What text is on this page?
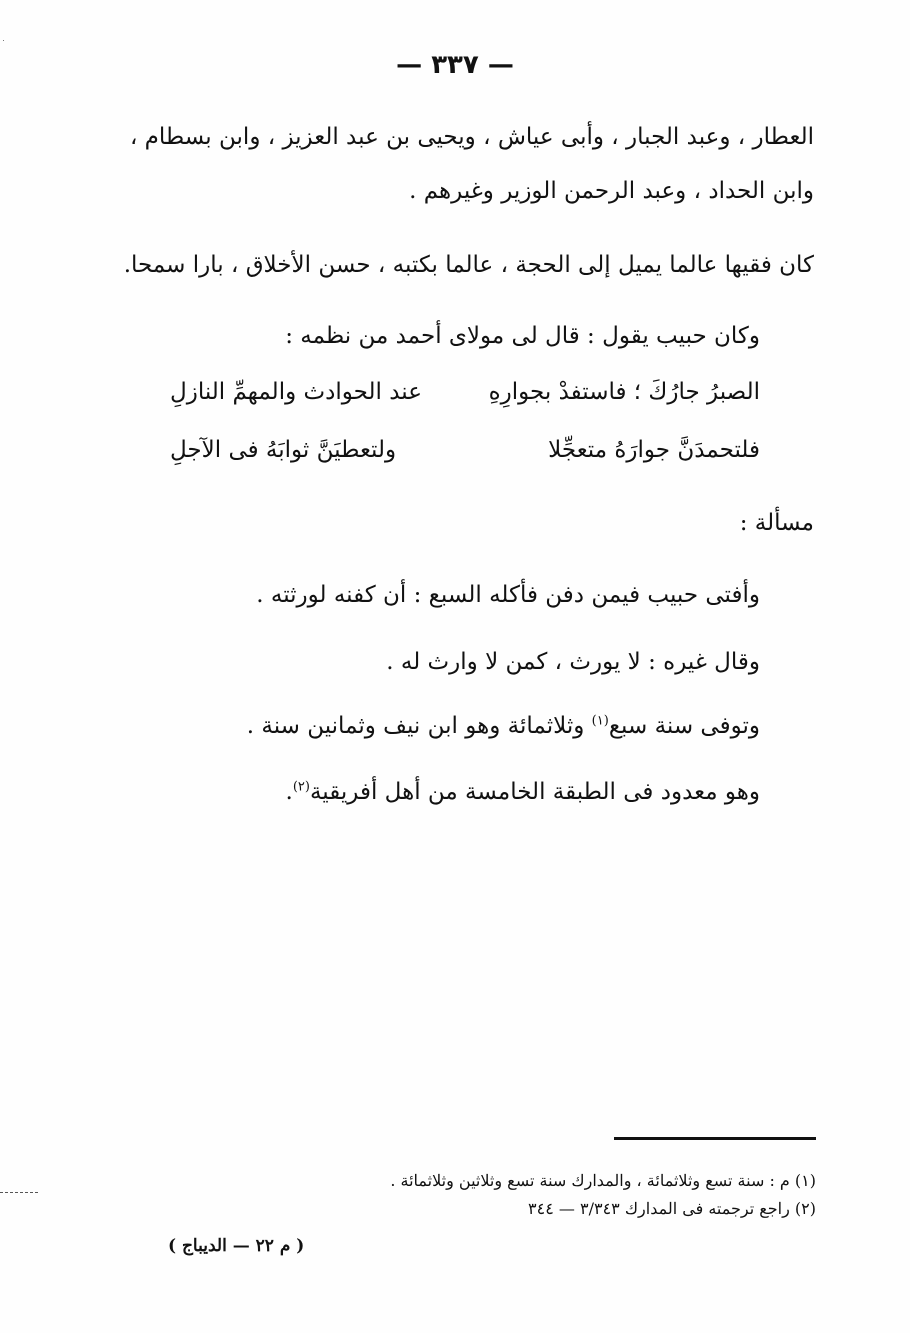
— ٣٣٧ —
العطار ، وعبد الجبار ، وأبى عياش ، ويحيى بن عبد العزيز ، وابن بسطام ،
وابن الحداد ، وعبد الرحمن الوزير وغيرهم .
كان فقيها عالما يميل إلى الحجة ، عالما بكتبه ، حسن الأخلاق ، بارا سمحا.
وكان حبيب يقول : قال لى مولاى أحمد من نظمه :
الصبرُ جارُكَ ؛ فاستفدْ بجوارِهِ
عند الحوادث والمهمِّ النازلِ
فلتحمدَنَّ جوارَهُ متعجِّلا
ولتعطيَنَّ ثوابَهُ فى الآجلِ
مسألة :
وأفتى حبيب فيمن دفن فأكله السبع : أن كفنه لورثته .
وقال غيره : لا يورث ، كمن لا وارث له .
وتوفى سنة سبع$^{(١)}$ وثلاثمائة وهو ابن نيف وثمانين سنة .
وهو معدود فى الطبقة الخامسة من أهل أفريقية$^{(٢)}$.
(١) م : سنة تسع وثلاثمائة ، والمدارك سنة تسع وثلاثين وثلاثمائة .
(٢) راجع ترجمته فى المدارك ٣/٣٤٣ — ٣٤٤
( م ٢٢ — الديباج )
